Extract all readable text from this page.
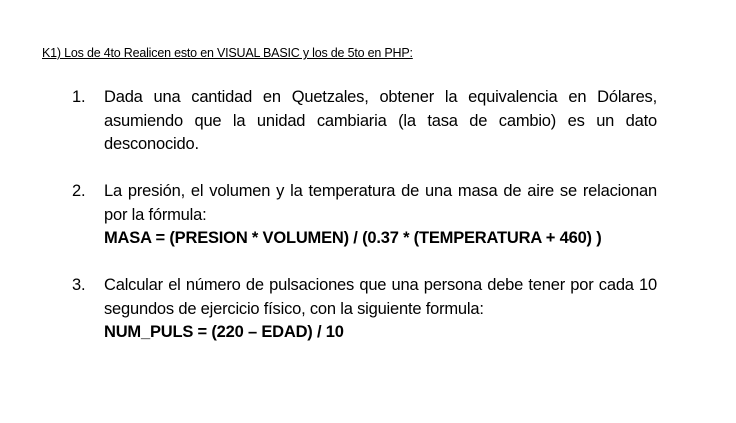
K1) Los de 4to Realicen esto en VISUAL BASIC y los de 5to en PHP:
1. Dada una cantidad en Quetzales, obtener la equivalencia en Dólares, asumiendo que la unidad cambiaria (la tasa de cambio) es un dato desconocido.
2. La presión, el volumen y la temperatura de una masa de aire se relacionan por la fórmula:
MASA = (PRESION * VOLUMEN) / (0.37 * (TEMPERATURA + 460) )
3. Calcular el número de pulsaciones que una persona debe tener por cada 10 segundos de ejercicio físico, con la siguiente formula:
NUM_PULS = (220 – EDAD) / 10
